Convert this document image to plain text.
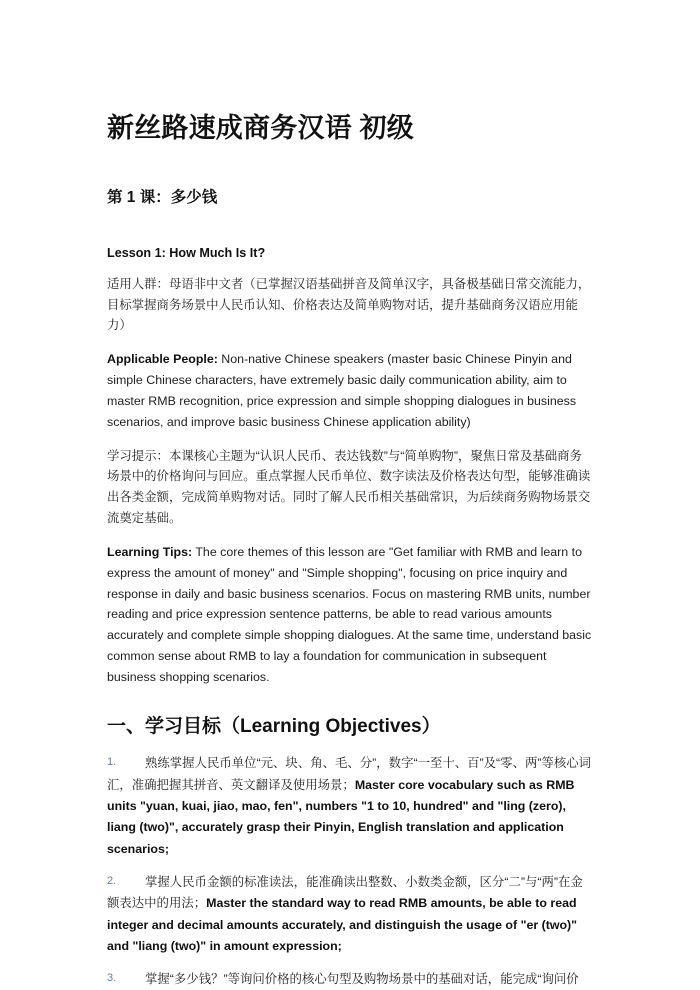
新丝路速成商务汉语 初级
第 1 课：多少钱
Lesson 1: How Much Is It?

适用人群：母语非中文者（已掌握汉语基础拼音及简单汉字，具备极基础日常交流能力，目标掌握商务场景中人民币认知、价格表达及简单购物对话，提升基础商务汉语应用能力）

Applicable People: Non-native Chinese speakers (master basic Chinese Pinyin and simple Chinese characters, have extremely basic daily communication ability, aim to master RMB recognition, price expression and simple shopping dialogues in business scenarios, and improve basic business Chinese application ability)

学习提示：本课核心主题为“认识人民币、表达钱数”与“简单购物”，聚焦日常及基础商务场景中的价格询问与回应。重点掌握人民币单位、数字读法及价格表达句型，能够准确读出各类金额，完成简单购物对话。同时了解人民币相关基础常识，为后续商务购物场景交流奠定基础。

Learning Tips: The core themes of this lesson are "Get familiar with RMB and learn to express the amount of money" and "Simple shopping", focusing on price inquiry and response in daily and basic business scenarios. Focus on mastering RMB units, number reading and price expression sentence patterns, be able to read various amounts accurately and complete simple shopping dialogues. At the same time, understand basic common sense about RMB to lay a foundation for communication in subsequent business shopping scenarios.

一、学习目标（Learning Objectives）
熟练掌握人民币单位“元、块、角、毛、分”，数字“一至十、百”及“零、两”等核心词汇，准确把握其拼音、英文翻译及使用场景；Master core vocabulary such as RMB units "yuan, kuai, jiao, mao, fen", numbers "1 to 10, hundred" and "ling (zero), liang (two)", accurately grasp their Pinyin, English translation and application scenarios;
掌握人民币金额的标准读法，能准确读出整数、小数类金额，区分“二”与“两”在金额表达中的用法；Master the standard way to read RMB amounts, be able to read integer and decimal amounts accurately, and distinguish the usage of "er (two)" and "liang (two)" in amount expression;
掌握“多少钱？”等询问价格的核心句型及购物场景中的基础对话，能完成“询问价
